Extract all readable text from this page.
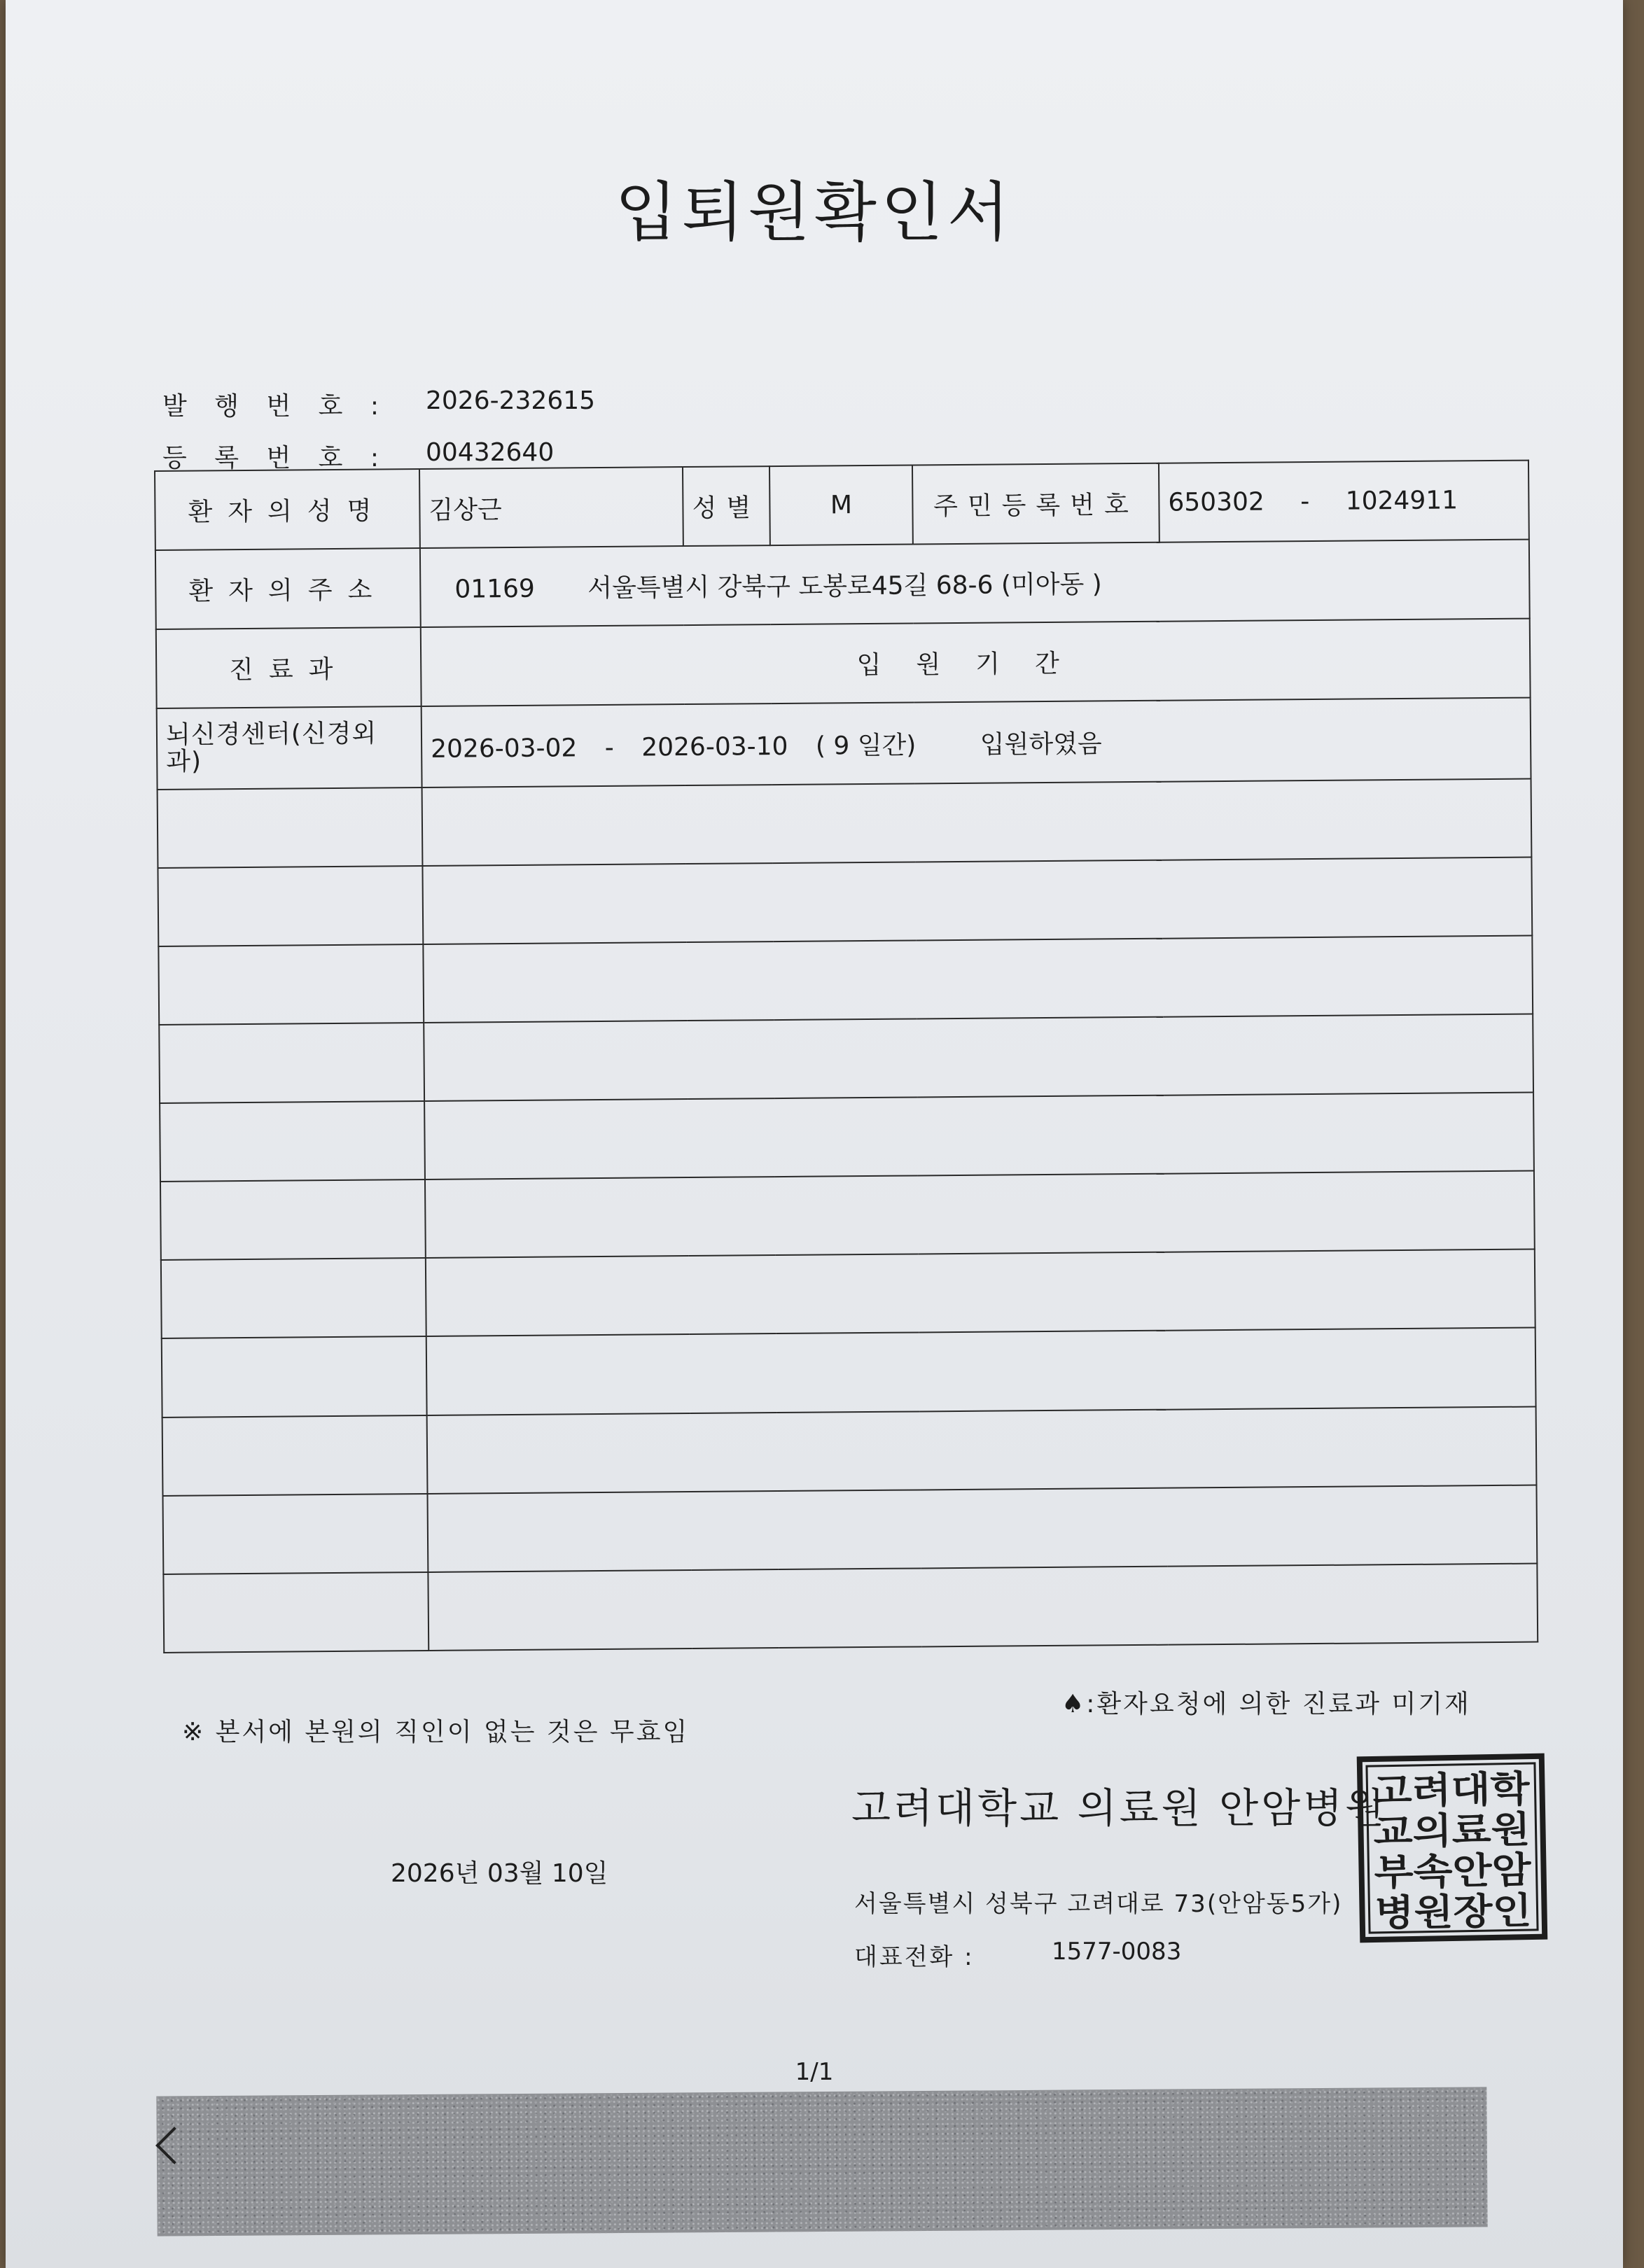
입퇴원확인서
발 행 번 호 : 2026-232615
등 록 번 호 : 00432640
환자의성명	김상근	성별	M	주민등록번호	650302 - 1024911
환자의주소	01169 서울특별시 강북구 도봉로45길 68-6 (미아동 )				
진료과	입원기간				
뇌신경센터(신경외과)	2026-03-02 - 2026-03-10 ( 9 일간) 입원하였음				

♠:환자요청에 의한 진료과 미기재
※ 본서에 본원의 직인이 없는 것은 무효임
고려대학교 의료원 안암병원
2026년 03월 10일
서울특별시 성북구 고려대로 73(안암동5가)
대표전화 :	1577-0083
고려대학
교의료원
부속안암
병원장인
1/1
